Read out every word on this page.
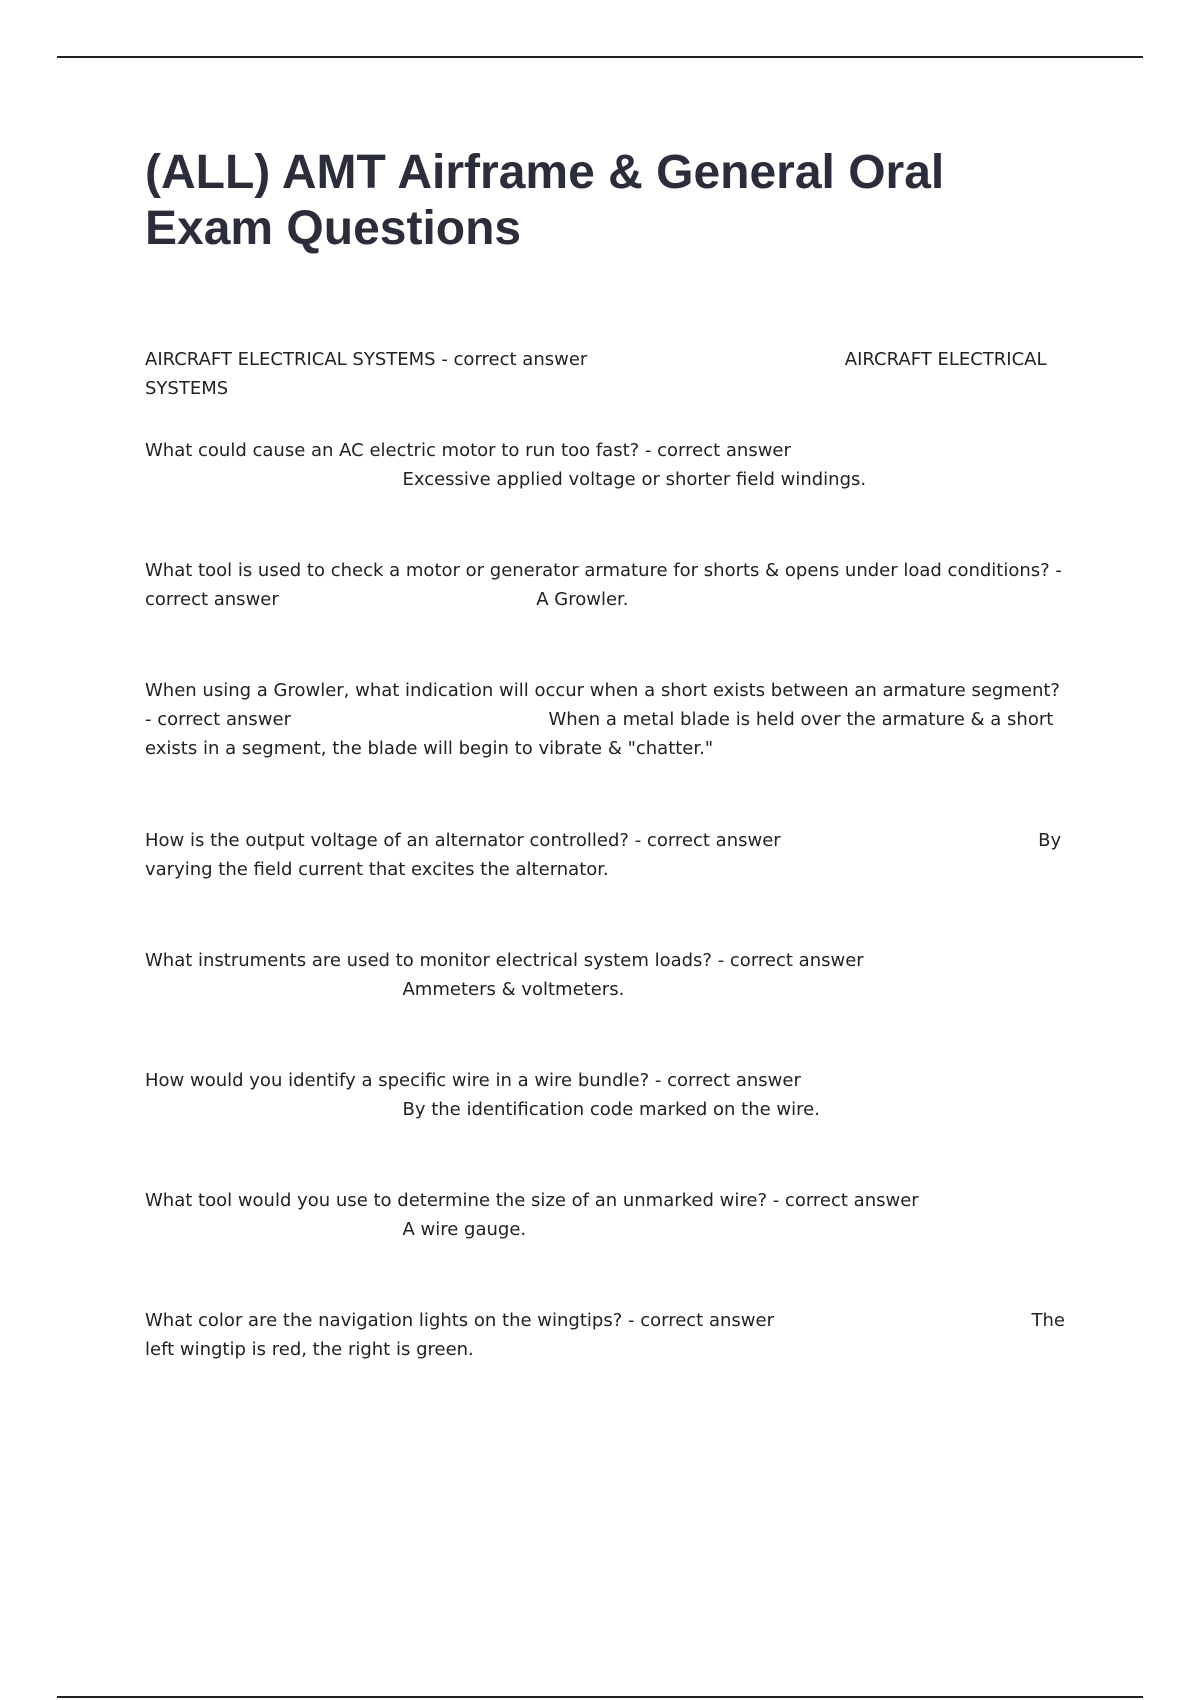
(ALL) AMT Airframe & General Oral Exam Questions

AIRCRAFT ELECTRICAL SYSTEMS - correct answer	AIRCRAFT ELECTRICAL SYSTEMS

What could cause an AC electric motor to run too fast? - correct answer                                             Excessive applied voltage or shorter field windings.

What tool is used to check a motor or generator armature for shorts & opens under load conditions? - correct answer	A Growler.

When using a Growler, what indication will occur when a short exists between an armature segment? - correct answer	When a metal blade is held over the armature & a short exists in a segment, the blade will begin to vibrate & "chatter."

How is the output voltage of an alternator controlled? - correct answer	By varying the field current that excites the alternator.

What instruments are used to monitor electrical system loads? - correct answer                                             Ammeters & voltmeters.

How would you identify a specific wire in a wire bundle? - correct answer                                             By the identification code marked on the wire.

What tool would you use to determine the size of an unmarked wire? - correct answer                                             A wire gauge.

What color are the navigation lights on the wingtips? - correct answer	The left wingtip is red, the right is green.
